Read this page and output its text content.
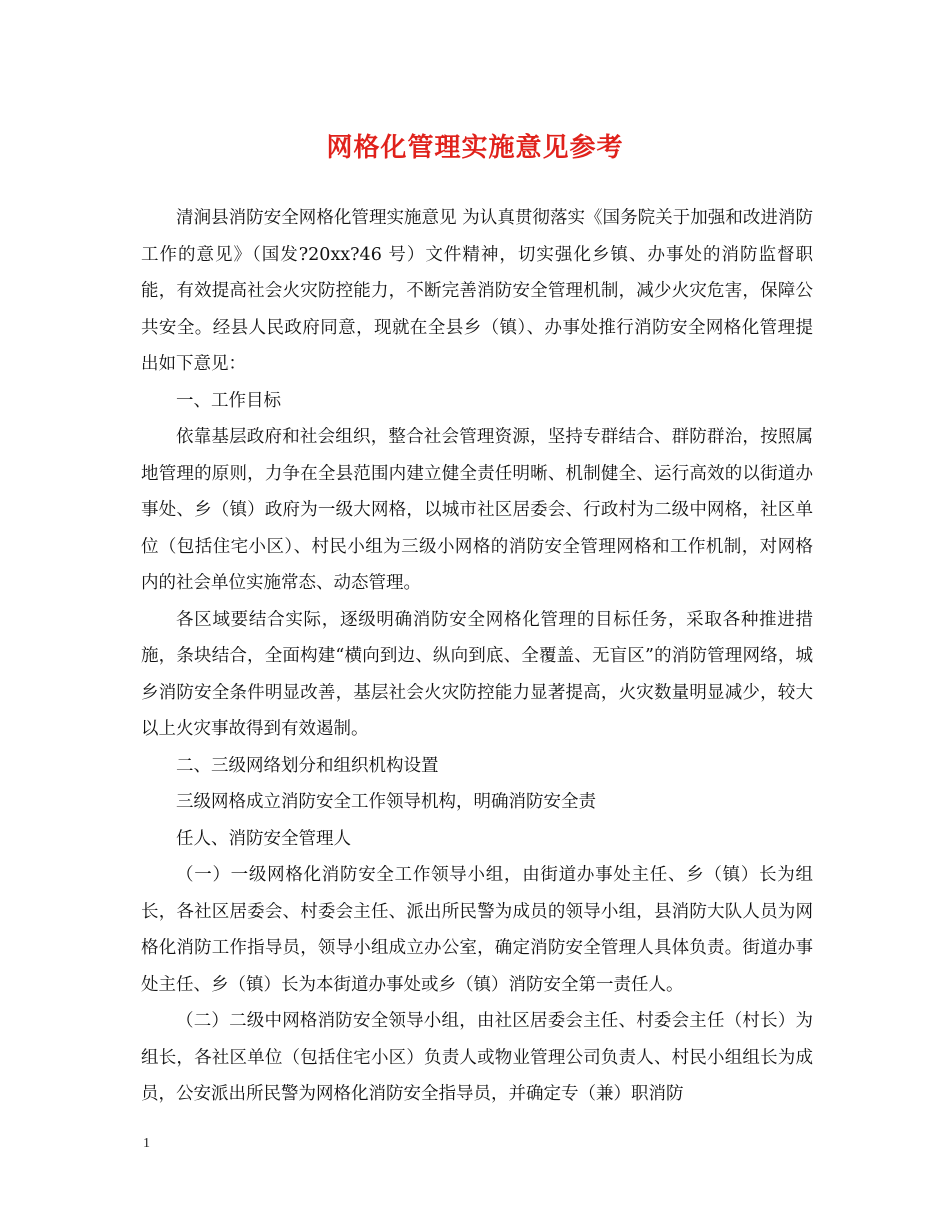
网格化管理实施意见参考

清涧县消防安全网格化管理实施意见 为认真贯彻落实《国务院关于加强和改进消防工作的意见》（国发?20xx?46 号）文件精神，切实强化乡镇、办事处的消防监督职能，有效提高社会火灾防控能力，不断完善消防安全管理机制，减少火灾危害，保障公共安全。经县人民政府同意，现就在全县乡（镇）、办事处推行消防安全网格化管理提出如下意见：

一、工作目标

依靠基层政府和社会组织，整合社会管理资源，坚持专群结合、群防群治，按照属地管理的原则，力争在全县范围内建立健全责任明晰、机制健全、运行高效的以街道办事处、乡（镇）政府为一级大网格，以城市社区居委会、行政村为二级中网格，社区单位（包括住宅小区）、村民小组为三级小网格的消防安全管理网格和工作机制，对网格内的社会单位实施常态、动态管理。

各区域要结合实际，逐级明确消防安全网格化管理的目标任务，采取各种推进措施，条块结合，全面构建“横向到边、纵向到底、全覆盖、无盲区”的消防管理网络，城乡消防安全条件明显改善，基层社会火灾防控能力显著提高，火灾数量明显减少，较大以上火灾事故得到有效遏制。

二、三级网络划分和组织机构设置

三级网格成立消防安全工作领导机构，明确消防安全责

任人、消防安全管理人

（一）一级网格化消防安全工作领导小组，由街道办事处主任、乡（镇）长为组长，各社区居委会、村委会主任、派出所民警为成员的领导小组，县消防大队人员为网格化消防工作指导员，领导小组成立办公室，确定消防安全管理人具体负责。街道办事处主任、乡（镇）长为本街道办事处或乡（镇）消防安全第一责任人。

（二）二级中网格消防安全领导小组，由社区居委会主任、村委会主任（村长）为组长，各社区单位（包括住宅小区）负责人或物业管理公司负责人、村民小组组长为成员，公安派出所民警为网格化消防安全指导员，并确定专（兼）职消防

1
